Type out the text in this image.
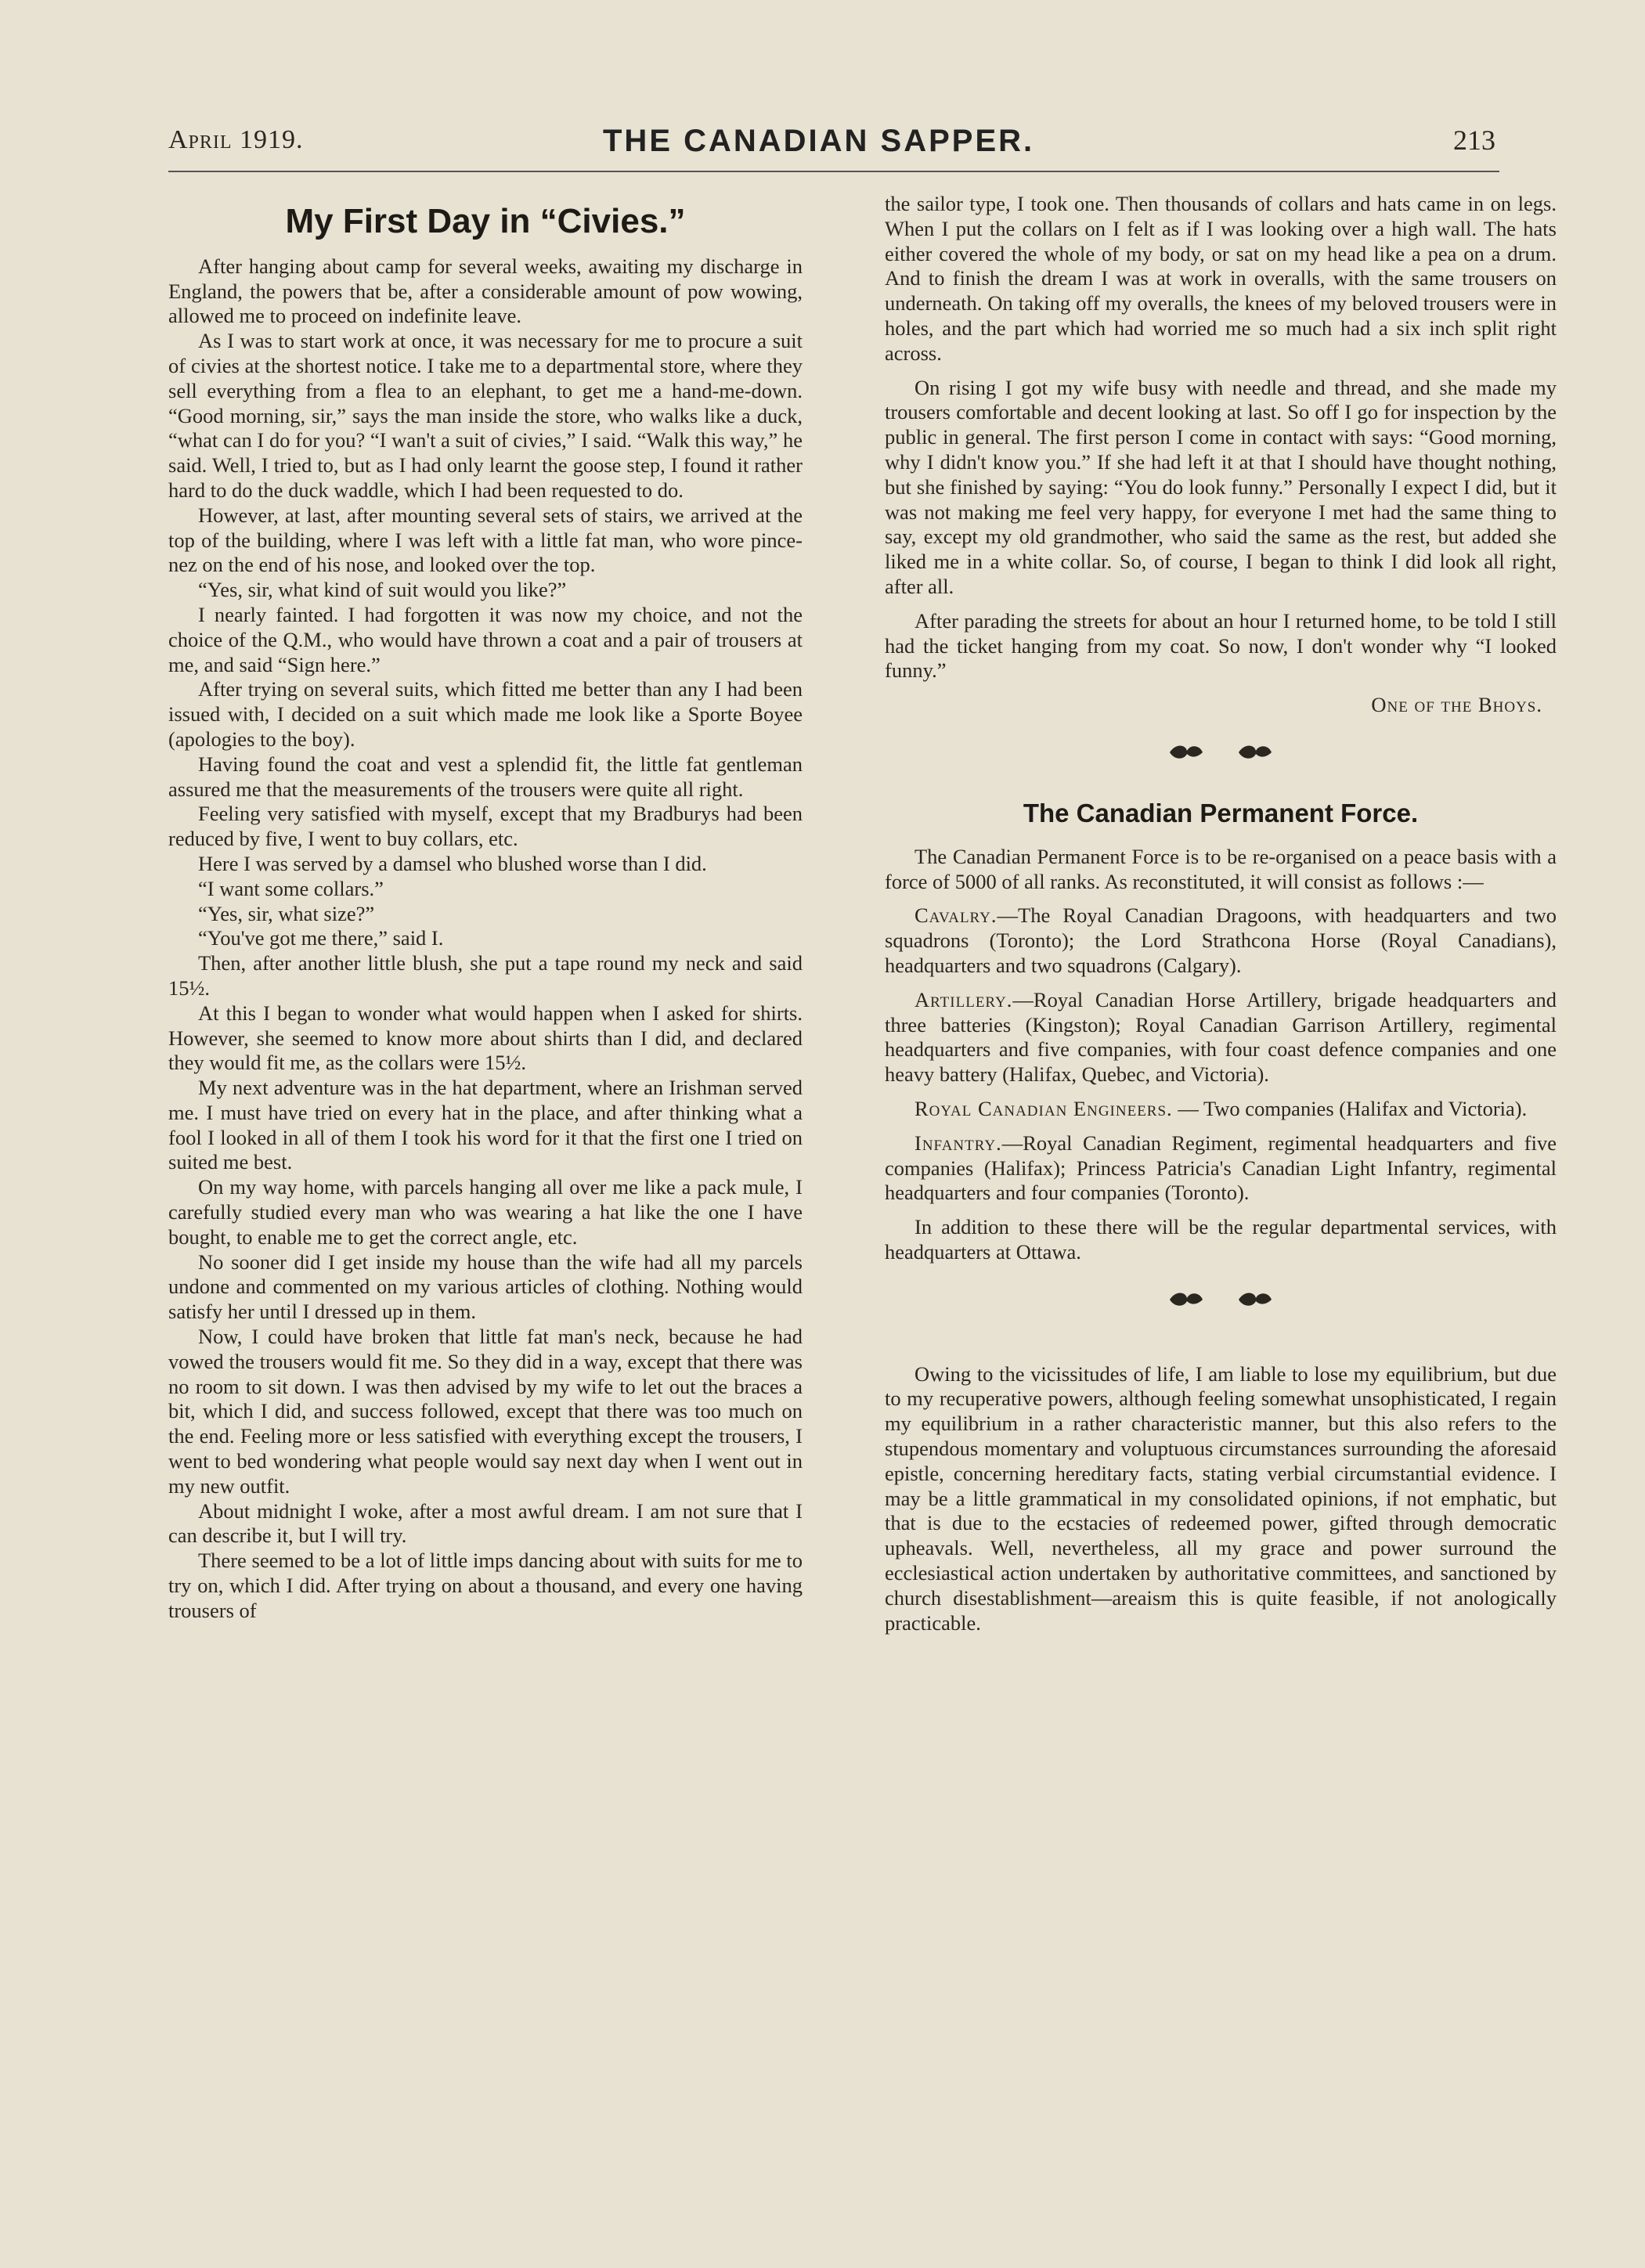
April 1919.	THE CANADIAN SAPPER.	213
My First Day in “Civies.”

After hanging about camp for several weeks, awaiting my discharge in England, the powers that be, after a considerable amount of pow wowing, allowed me to proceed on indefinite leave.

As I was to start work at once, it was necessary for me to procure a suit of civies at the shortest notice. I take me to a departmental store, where they sell everything from a flea to an elephant, to get me a hand-me-down. “Good morning, sir,” says the man inside the store, who walks like a duck, “what can I do for you? “I wan't a suit of civies,” I said. “Walk this way,” he said. Well, I tried to, but as I had only learnt the goose step, I found it rather hard to do the duck waddle, which I had been requested to do.

However, at last, after mounting several sets of stairs, we arrived at the top of the building, where I was left with a little fat man, who wore pince-nez on the end of his nose, and looked over the top.

“Yes, sir, what kind of suit would you like?”

I nearly fainted. I had forgotten it was now my choice, and not the choice of the Q.M., who would have thrown a coat and a pair of trousers at me, and said “Sign here.”

After trying on several suits, which fitted me better than any I had been issued with, I decided on a suit which made me look like a Sporte Boyee (apologies to the boy).

Having found the coat and vest a splendid fit, the little fat gentleman assured me that the measurements of the trousers were quite all right.

Feeling very satisfied with myself, except that my Bradburys had been reduced by five, I went to buy collars, etc.

Here I was served by a damsel who blushed worse than I did.

“I want some collars.”

“Yes, sir, what size?”

“You've got me there,” said I.

Then, after another little blush, she put a tape round my neck and said 15½.

At this I began to wonder what would happen when I asked for shirts. However, she seemed to know more about shirts than I did, and declared they would fit me, as the collars were 15½.

My next adventure was in the hat department, where an Irishman served me. I must have tried on every hat in the place, and after thinking what a fool I looked in all of them I took his word for it that the first one I tried on suited me best.

On my way home, with parcels hanging all over me like a pack mule, I carefully studied every man who was wearing a hat like the one I have bought, to enable me to get the correct angle, etc.

No sooner did I get inside my house than the wife had all my parcels undone and commented on my various articles of clothing. Nothing would satisfy her until I dressed up in them.

Now, I could have broken that little fat man's neck, because he had vowed the trousers would fit me. So they did in a way, except that there was no room to sit down. I was then advised by my wife to let out the braces a bit, which I did, and success followed, except that there was too much on the end. Feeling more or less satisfied with everything except the trousers, I went to bed wondering what people would say next day when I went out in my new outfit.

About midnight I woke, after a most awful dream. I am not sure that I can describe it, but I will try.

There seemed to be a lot of little imps dancing about with suits for me to try on, which I did. After trying on about a thousand, and every one having trousers of

the sailor type, I took one. Then thousands of collars and hats came in on legs. When I put the collars on I felt as if I was looking over a high wall. The hats either covered the whole of my body, or sat on my head like a pea on a drum. And to finish the dream I was at work in overalls, with the same trousers on underneath. On taking off my overalls, the knees of my beloved trousers were in holes, and the part which had worried me so much had a six inch split right across.

On rising I got my wife busy with needle and thread, and she made my trousers comfortable and decent looking at last. So off I go for inspection by the public in general. The first person I come in contact with says: “Good morning, why I didn't know you.” If she had left it at that I should have thought nothing, but she finished by saying: “You do look funny.” Personally I expect I did, but it was not making me feel very happy, for everyone I met had the same thing to say, except my old grandmother, who said the same as the rest, but added she liked me in a white collar. So, of course, I began to think I did look all right, after all.

After parading the streets for about an hour I returned home, to be told I still had the ticket hanging from my coat. So now, I don't wonder why “I looked funny.”

One of the Bhoys.

The Canadian Permanent Force.

The Canadian Permanent Force is to be re-organised on a peace basis with a force of 5000 of all ranks. As reconstituted, it will consist as follows :—

Cavalry.—The Royal Canadian Dragoons, with headquarters and two squadrons (Toronto); the Lord Strathcona Horse (Royal Canadians), headquarters and two squadrons (Calgary).

Artillery.—Royal Canadian Horse Artillery, brigade headquarters and three batteries (Kingston); Royal Canadian Garrison Artillery, regimental headquarters and five companies, with four coast defence companies and one heavy battery (Halifax, Quebec, and Victoria).

Royal Canadian Engineers. — Two companies (Halifax and Victoria).

Infantry.—Royal Canadian Regiment, regimental headquarters and five companies (Halifax); Princess Patricia's Canadian Light Infantry, regimental headquarters and four companies (Toronto).

In addition to these there will be the regular departmental services, with headquarters at Ottawa.

Owing to the vicissitudes of life, I am liable to lose my equilibrium, but due to my recuperative powers, although feeling somewhat unsophisticated, I regain my equilibrium in a rather characteristic manner, but this also refers to the stupendous momentary and voluptuous circumstances surrounding the aforesaid epistle, concerning hereditary facts, stating verbial circumstantial evidence. I may be a little grammatical in my consolidated opinions, if not emphatic, but that is due to the ecstacies of redeemed power, gifted through democratic upheavals. Well, nevertheless, all my grace and power surround the ecclesiastical action undertaken by authoritative committees, and sanctioned by church disestablishment—areaism this is quite feasible, if not anologically practicable.
